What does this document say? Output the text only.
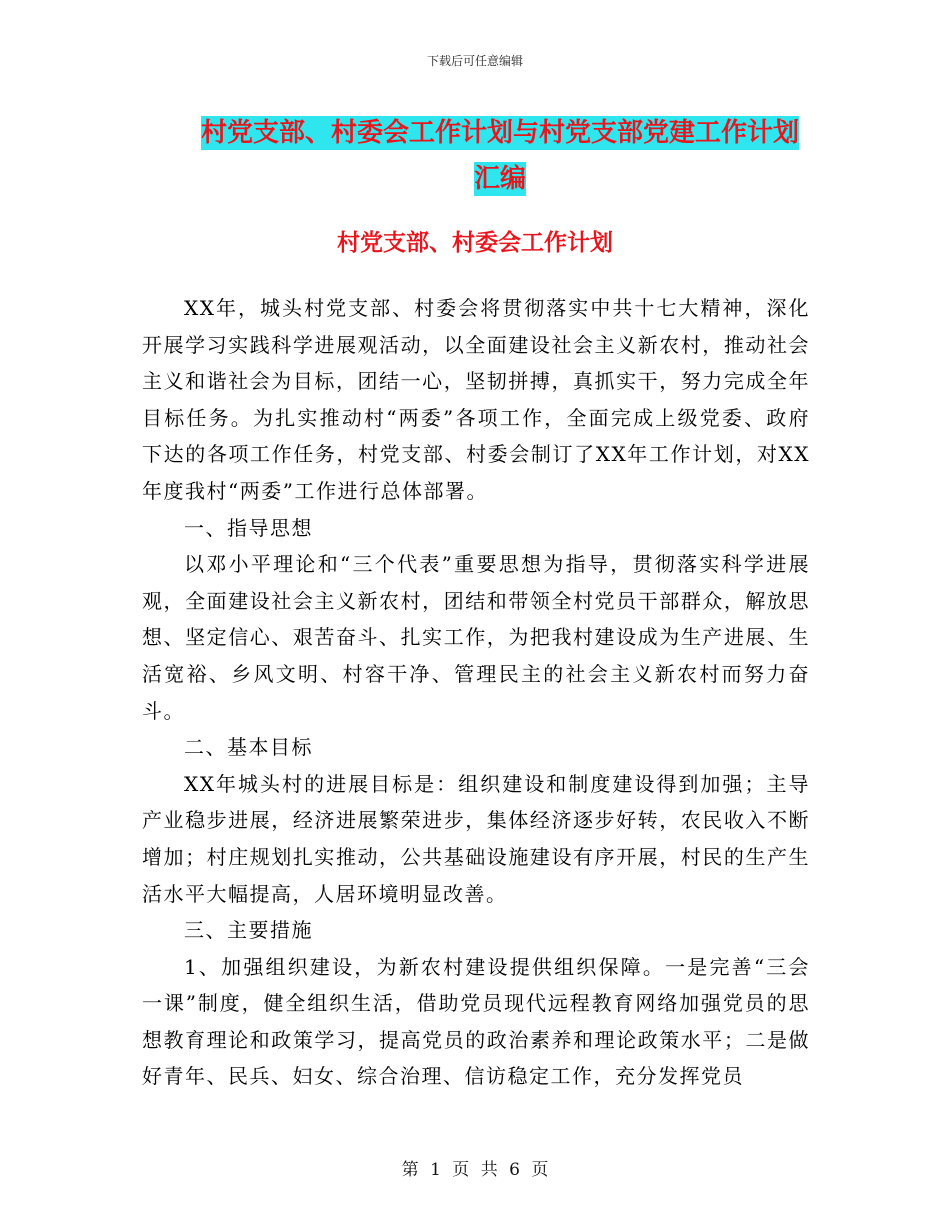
下载后可任意编辑
村党支部、村委会工作计划与村党支部党建工作计划汇编
村党支部、村委会工作计划

XX年，城头村党支部、村委会将贯彻落实中共十七大精神，深化开展学习实践科学进展观活动，以全面建设社会主义新农村，推动社会主义和谐社会为目标，团结一心，坚韧拼搏，真抓实干，努力完成全年目标任务。为扎实推动村“两委”各项工作，全面完成上级党委、政府下达的各项工作任务，村党支部、村委会制订了XX年工作计划，对XX年度我村“两委”工作进行总体部署。

一、指导思想

以邓小平理论和“三个代表”重要思想为指导，贯彻落实科学进展观，全面建设社会主义新农村，团结和带领全村党员干部群众，解放思想、坚定信心、艰苦奋斗、扎实工作，为把我村建设成为生产进展、生活宽裕、乡风文明、村容干净、管理民主的社会主义新农村而努力奋斗。

二、基本目标

XX年城头村的进展目标是：组织建设和制度建设得到加强；主导产业稳步进展，经济进展繁荣进步，集体经济逐步好转，农民收入不断增加；村庄规划扎实推动，公共基础设施建设有序开展，村民的生产生活水平大幅提高，人居环境明显改善。

三、主要措施

1、加强组织建设，为新农村建设提供组织保障。一是完善“三会一课”制度，健全组织生活，借助党员现代远程教育网络加强党员的思想教育理论和政策学习，提高党员的政治素养和理论政策水平；二是做好青年、民兵、妇女、综合治理、信访稳定工作，充分发挥党员

第 1 页 共 6 页
